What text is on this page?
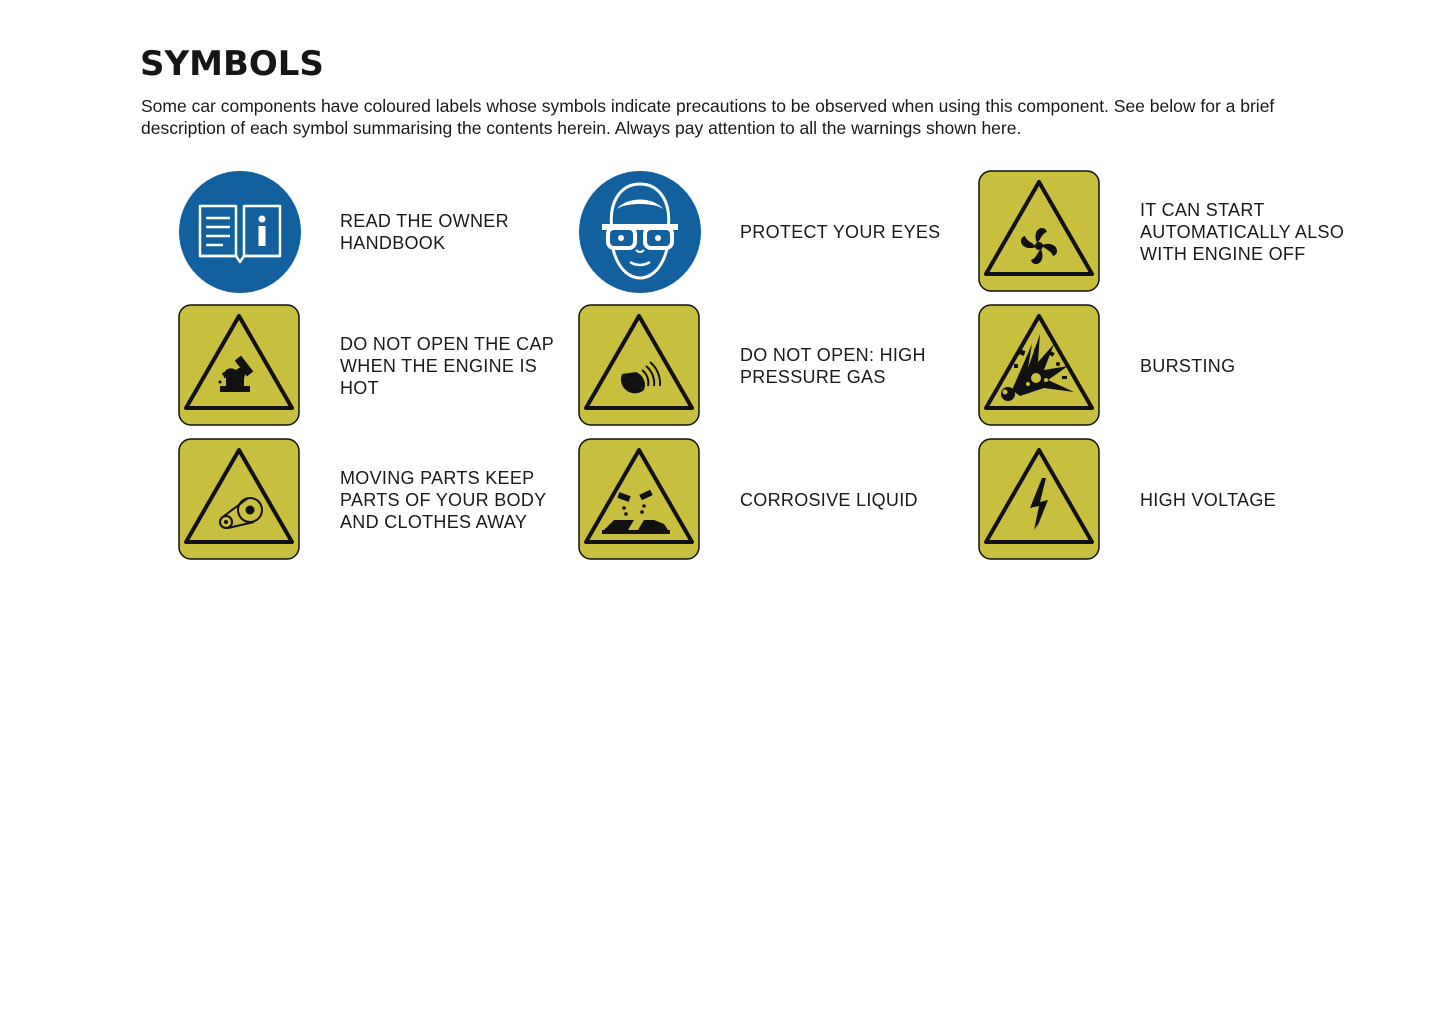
SYMBOLS

Some car components have coloured labels whose symbols indicate precautions to be observed when using this component. See below for a brief description of each symbol summarising the contents herein. Always pay attention to all the warnings shown here.

READ THE OWNER HANDBOOK
PROTECT YOUR EYES
IT CAN START AUTOMATICALLY ALSO WITH ENGINE OFF
DO NOT OPEN THE CAP WHEN THE ENGINE IS HOT
DO NOT OPEN: HIGH PRESSURE GAS
BURSTING
MOVING PARTS KEEP PARTS OF YOUR BODY AND CLOTHES AWAY
CORROSIVE LIQUID	HIGH VOLTAGE
